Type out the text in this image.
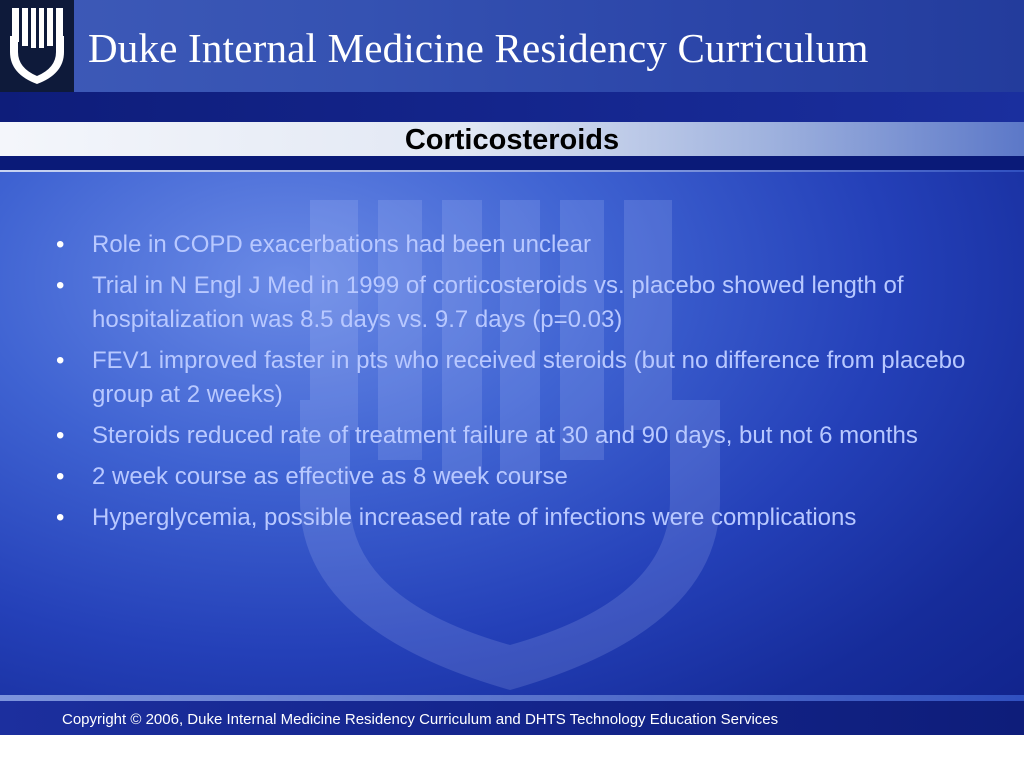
Duke Internal Medicine Residency Curriculum
Corticosteroids
• Role in COPD exacerbations had been unclear
• Trial in N Engl J Med in 1999 of corticosteroids vs. placebo showed length of hospitalization was 8.5 days vs. 9.7 days (p=0.03)
• FEV1 improved faster in pts who received steroids (but no difference from placebo group at 2 weeks)
• Steroids reduced rate of treatment failure at 30 and 90 days, but not 6 months
• 2 week course as effective as 8 week course
• Hyperglycemia, possible increased rate of infections were complications
Copyright © 2006, Duke Internal Medicine Residency Curriculum and DHTS Technology Education Services
